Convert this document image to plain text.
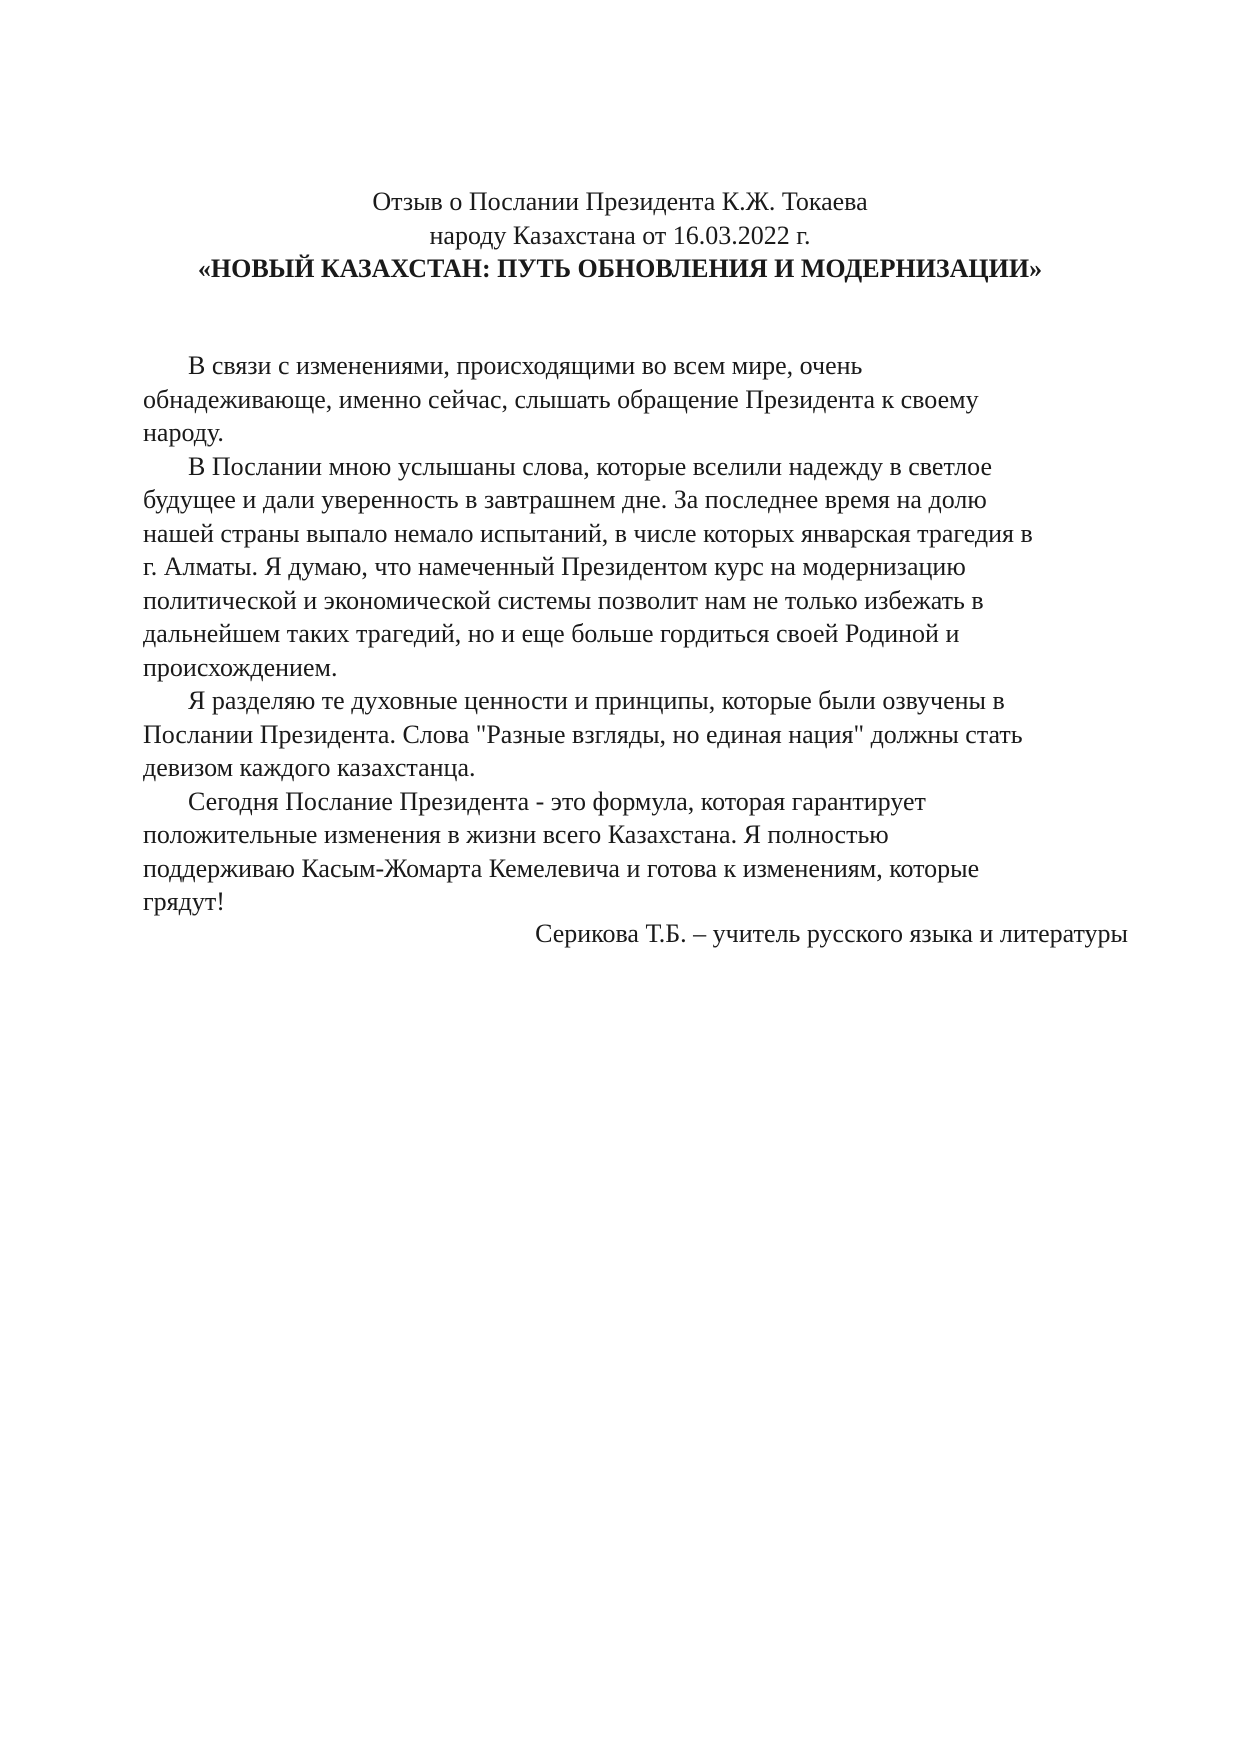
Отзыв о Послании Президента К.Ж. Токаева
народу Казахстана от 16.03.2022 г.
«НОВЫЙ КАЗАХСТАН: ПУТЬ ОБНОВЛЕНИЯ И МОДЕРНИЗАЦИИ»

В связи с изменениями, происходящими во всем мире, очень
обнадеживающе, именно сейчас, слышать обращение Президента к своему
народу.

В Послании мною услышаны слова, которые вселили надежду в светлое
будущее и дали уверенность в завтрашнем дне. За последнее время на долю
нашей страны выпало немало испытаний, в числе которых январская трагедия в
г. Алматы. Я думаю, что намеченный Президентом курс на модернизацию
политической и экономической системы позволит нам не только избежать в
дальнейшем таких трагедий, но и еще больше гордиться своей Родиной и
происхождением.

Я разделяю те духовные ценности и принципы, которые были озвучены в
Послании Президента. Слова "Разные взгляды, но единая нация" должны стать
девизом каждого казахстанца.

Сегодня Послание Президента - это формула, которая гарантирует
положительные изменения в жизни всего Казахстана. Я полностью
поддерживаю Касым-Жомарта Кемелевича и готова к изменениям, которые
грядут!

Серикова Т.Б. – учитель русского языка и литературы
